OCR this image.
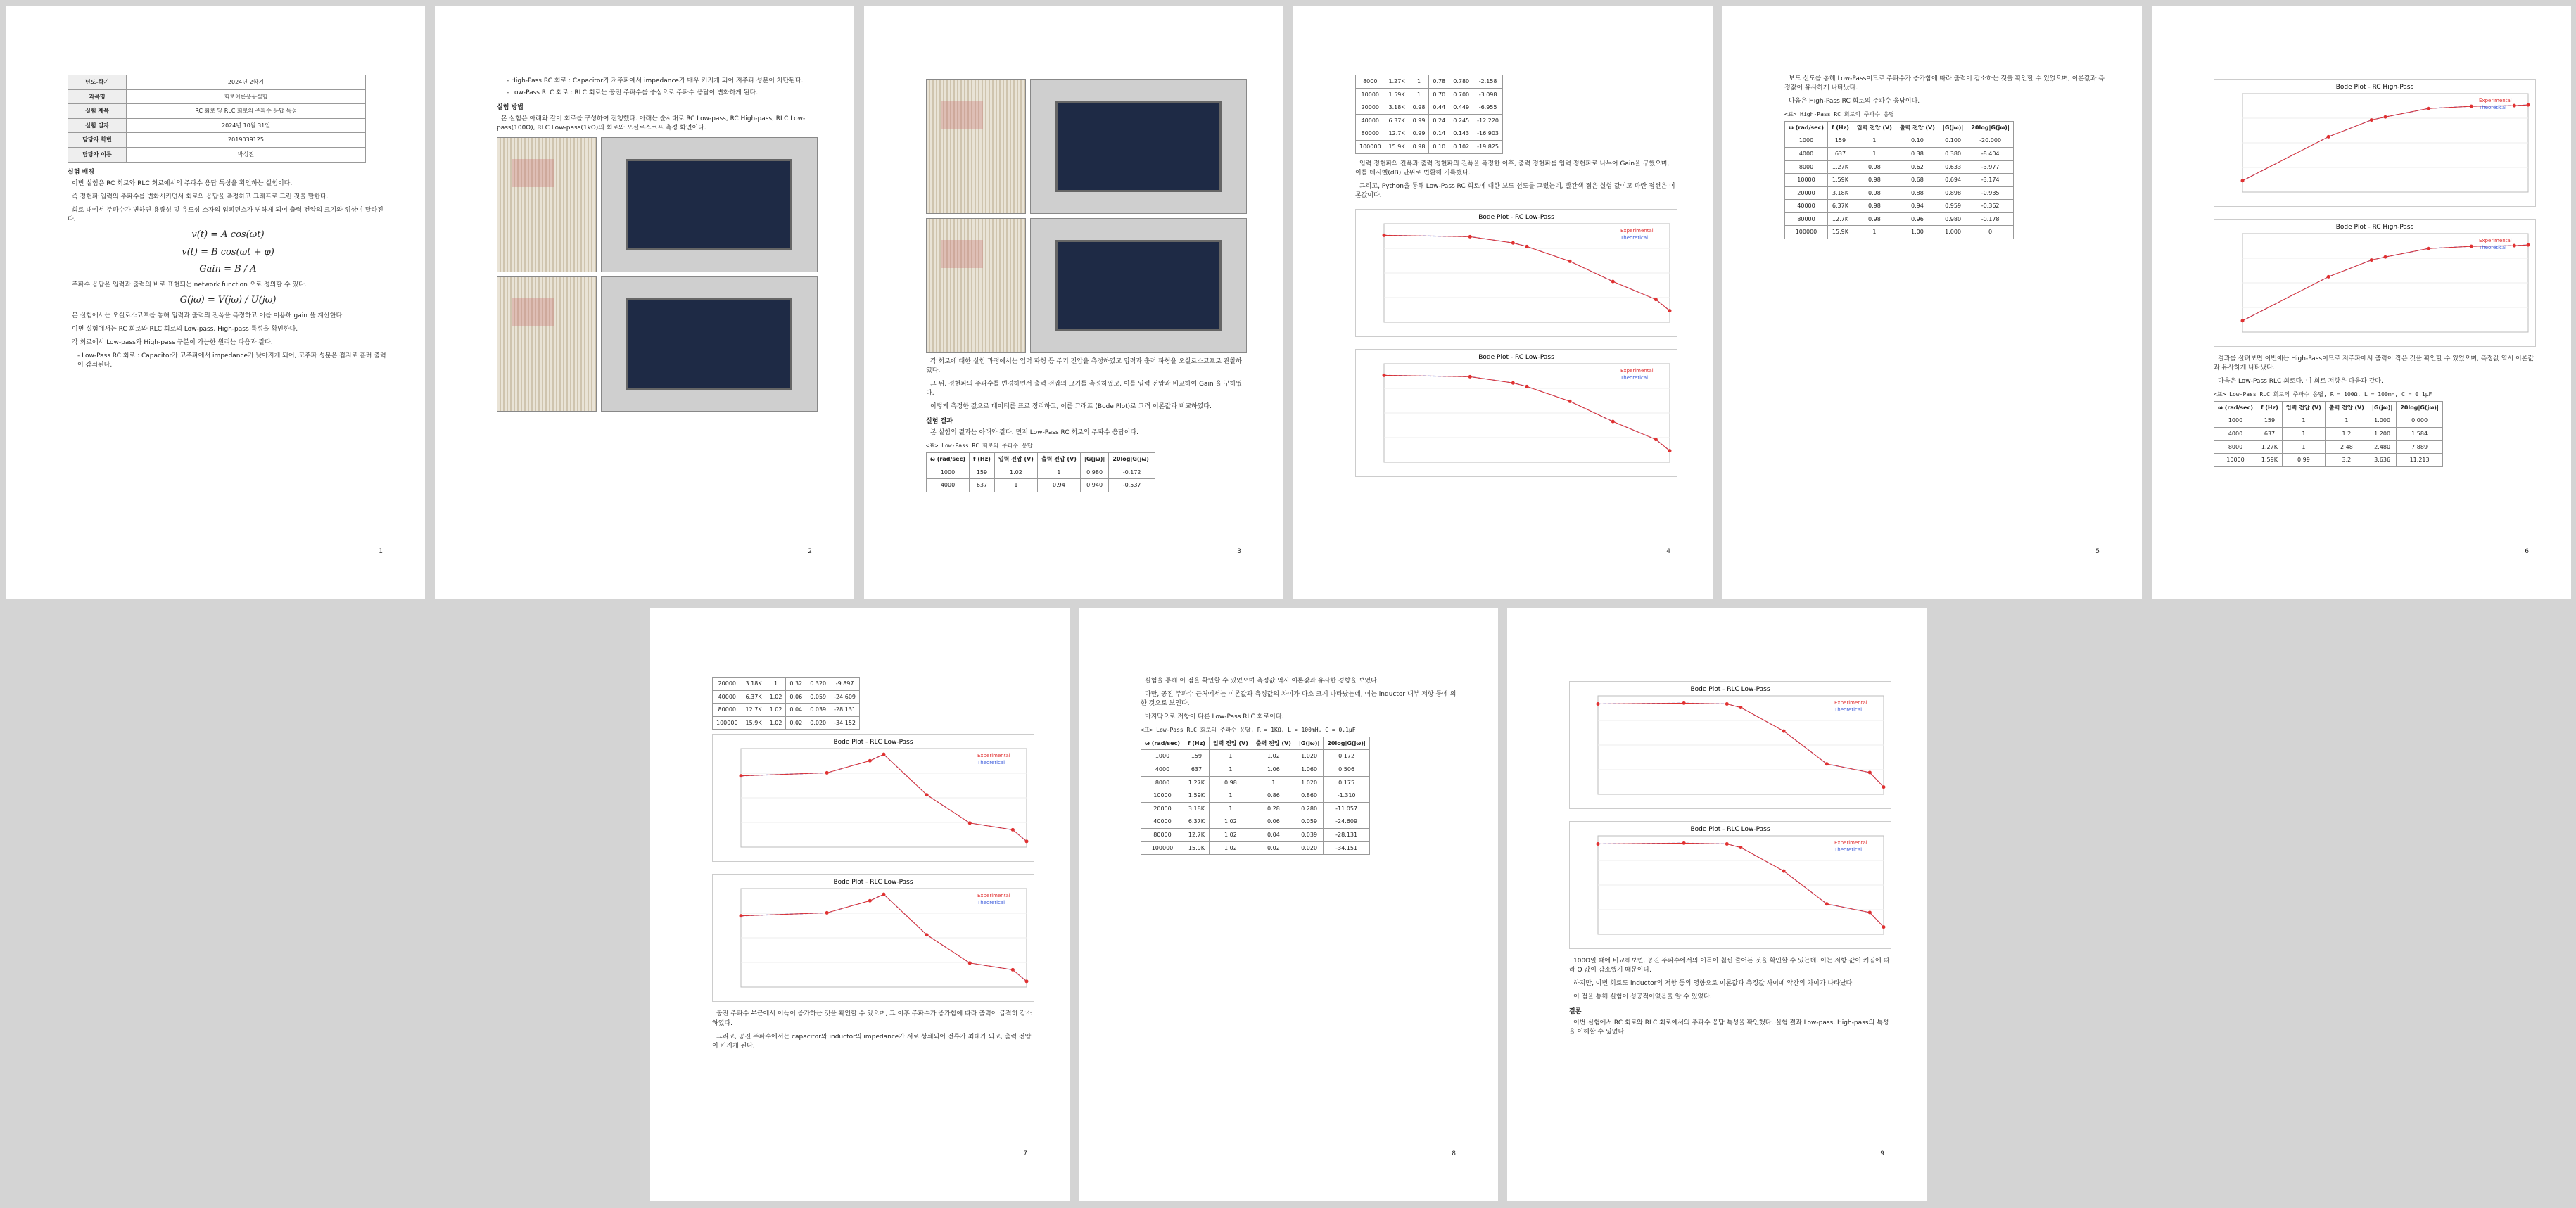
년도-학기	2024년 2학기
과목명	회로이론응용실험
실험 제목	RC 회로 및 RLC 회로의 주파수 응답 특성
실험 일자	2024년 10월 31일
담당자 학번	2019039125
담당자 이름	박성진
실험 배경
이번 실험은 RC 회로와 RLC 회로에서의 주파수 응답 특성을 확인하는 실험이다.
즉 정현파 입력의 주파수를 변화시키면서 회로의 응답을 측정하고 그래프로 그린 것을 말한다.
회로 내에서 주파수가 변하면 용량성 및 유도성 소자의 임피던스가 변하게 되어 출력 전압의 크기와 위상이 달라진다.
v(t) = A cos(ωt)
v(t) = B cos(ωt + φ)
Gain = B / A
주파수 응답은 입력과 출력의 비로 표현되는 network function 으로 정의할 수 있다.
G(jω) = V(jω) / U(jω)
본 실험에서는 오실로스코프를 통해 입력과 출력의 진폭을 측정하고 이를 이용해 gain 을 계산한다.
이번 실험에서는 RC 회로와 RLC 회로의 Low-pass, High-pass 특성을 확인한다.
각 회로에서 Low-pass와 High-pass 구분이 가능한 원리는 다음과 같다.
- Low-Pass RC 회로 : Capacitor가 고주파에서 impedance가 낮아지게 되어, 고주파 성분은 접지로 흘러 출력이 감쇠된다.
1
- High-Pass RC 회로 : Capacitor가 저주파에서 impedance가 매우 커지게 되어 저주파 성분이 차단된다.
- Low-Pass RLC 회로 : RLC 회로는 공진 주파수를 중심으로 주파수 응답이 변화하게 된다.
실험 방법
본 실험은 아래와 같이 회로를 구성하여 진행했다. 아래는 순서대로 RC Low-pass, RC High-pass, RLC Low-pass(100Ω), RLC Low-pass(1kΩ)의 회로와 오실로스코프 측정 화면이다.
2
각 회로에 대한 실험 과정에서는 입력 파형 등 주기 전압을 측정하였고 입력과 출력 파형을 오실로스코프로 관찰하였다.
그 뒤, 정현파의 주파수를 변경하면서 출력 전압의 크기를 측정하였고, 이를 입력 전압과 비교하여 Gain 을 구하였다.
이렇게 측정한 값으로 데이터를 표로 정리하고, 이를 그래프 (Bode Plot)로 그려 이론값과 비교하였다.
실험 결과
본 실험의 결과는 아래와 같다. 먼저 Low-Pass RC 회로의 주파수 응답이다.
<표> Low-Pass RC 회로의 주파수 응답
ω (rad/sec)	f (Hz)	입력 전압 (V)	출력 전압 (V)	|G(jω)|	20log|G(jω)|
1000	159	1.02	1	0.980	-0.172
4000	637	1	0.94	0.940	-0.537
3
8000	1.27K	1	0.78	0.780	-2.158
10000	1.59K	1	0.70	0.700	-3.098
20000	3.18K	0.98	0.44	0.449	-6.955
40000	6.37K	0.99	0.24	0.245	-12.220
80000	12.7K	0.99	0.14	0.143	-16.903
100000	15.9K	0.98	0.10	0.102	-19.825
입력 정현파의 진폭과 출력 정현파의 진폭을 측정한 이후, 출력 정현파를 입력 정현파로 나누어 Gain을 구했으며, 이를 데시벨(dB) 단위로 변환해 기록했다.
그리고, Python을 통해 Low-Pass RC 회로에 대한 보드 선도를 그렸는데, 빨간색 점은 실험 값이고 파란 점선은 이론값이다.
Bode Plot - RC Low-Pass
Experimental
Theoretical

Bode Plot - RC Low-Pass
Experimental
Theoretical
4
보드 선도를 통해 Low-Pass이므로 주파수가 증가함에 따라 출력이 감소하는 것을 확인할 수 있었으며, 이론값과 측정값이 유사하게 나타났다.
다음은 High-Pass RC 회로의 주파수 응답이다.
<표> High-Pass RC 회로의 주파수 응답
ω (rad/sec)	f (Hz)	입력 전압 (V)	출력 전압 (V)	|G(jω)|	20log|G(jω)|
1000	159	1	0.10	0.100	-20.000
4000	637	1	0.38	0.380	-8.404
8000	1.27K	0.98	0.62	0.633	-3.977
10000	1.59K	0.98	0.68	0.694	-3.174
20000	3.18K	0.98	0.88	0.898	-0.935
40000	6.37K	0.98	0.94	0.959	-0.362
80000	12.7K	0.98	0.96	0.980	-0.178
100000	15.9K	1	1.00	1.000	0
5
Bode Plot - RC High-Pass
Experimental
Theoretical

Bode Plot - RC High-Pass
Experimental
Theoretical
결과를 살펴보면 이번에는 High-Pass이므로 저주파에서 출력이 작은 것을 확인할 수 있었으며, 측정값 역시 이론값과 유사하게 나타났다.
다음은 Low-Pass RLC 회로다. 이 회로 저항은 다음과 같다.
<표> Low-Pass RLC 회로의 주파수 응답, R = 100Ω, L = 100mH, C = 0.1μF
ω (rad/sec)	f (Hz)	입력 전압 (V)	출력 전압 (V)	|G(jω)|	20log|G(jω)|
1000	159	1	1	1.000	0.000
4000	637	1	1.2	1.200	1.584
8000	1.27K	1	2.48	2.480	7.889
10000	1.59K	0.99	3.2	3.636	11.213
6
20000	3.18K	1	0.32	0.320	-9.897
40000	6.37K	1.02	0.06	0.059	-24.609
80000	12.7K	1.02	0.04	0.039	-28.131
100000	15.9K	1.02	0.02	0.020	-34.152
Bode Plot - RLC Low-Pass
Experimental
Theoretical

Bode Plot - RLC Low-Pass
Experimental
Theoretical
공진 주파수 부근에서 이득이 증가하는 것을 확인할 수 있으며, 그 이후 주파수가 증가함에 따라 출력이 급격히 감소하였다.
그리고, 공진 주파수에서는 capacitor와 inductor의 impedance가 서로 상쇄되어 전류가 최대가 되고, 출력 전압이 커지게 된다.
7
실험을 통해 이 점을 확인할 수 있었으며 측정값 역시 이론값과 유사한 경향을 보였다.
다만, 공진 주파수 근처에서는 이론값과 측정값의 차이가 다소 크게 나타났는데, 이는 inductor 내부 저항 등에 의한 것으로 보인다.
마지막으로 저항이 다른 Low-Pass RLC 회로이다.
<표> Low-Pass RLC 회로의 주파수 응답, R = 1KΩ, L = 100mH, C = 0.1μF
ω (rad/sec)	f (Hz)	입력 전압 (V)	출력 전압 (V)	|G(jω)|	20log|G(jω)|
1000	159	1	1.02	1.020	0.172
4000	637	1	1.06	1.060	0.506
8000	1.27K	0.98	1	1.020	0.175
10000	1.59K	1	0.86	0.860	-1.310
20000	3.18K	1	0.28	0.280	-11.057
40000	6.37K	1.02	0.06	0.059	-24.609
80000	12.7K	1.02	0.04	0.039	-28.131
100000	15.9K	1.02	0.02	0.020	-34.151
8
Bode Plot - RLC Low-Pass
Experimental
Theoretical

Bode Plot - RLC Low-Pass
Experimental
Theoretical
100Ω일 때에 비교해보면, 공진 주파수에서의 이득이 훨씬 줄어든 것을 확인할 수 있는데, 이는 저항 값이 커짐에 따라 Q 값이 감소했기 때문이다.
하지만, 이번 회로도 inductor의 저항 등의 영향으로 이론값과 측정값 사이에 약간의 차이가 나타났다.
이 점을 통해 실험이 성공적이었음을 알 수 있었다.
결론
이번 실험에서 RC 회로와 RLC 회로에서의 주파수 응답 특성을 확인했다. 실험 결과 Low-pass, High-pass의 특성을 이해할 수 있었다.
9
